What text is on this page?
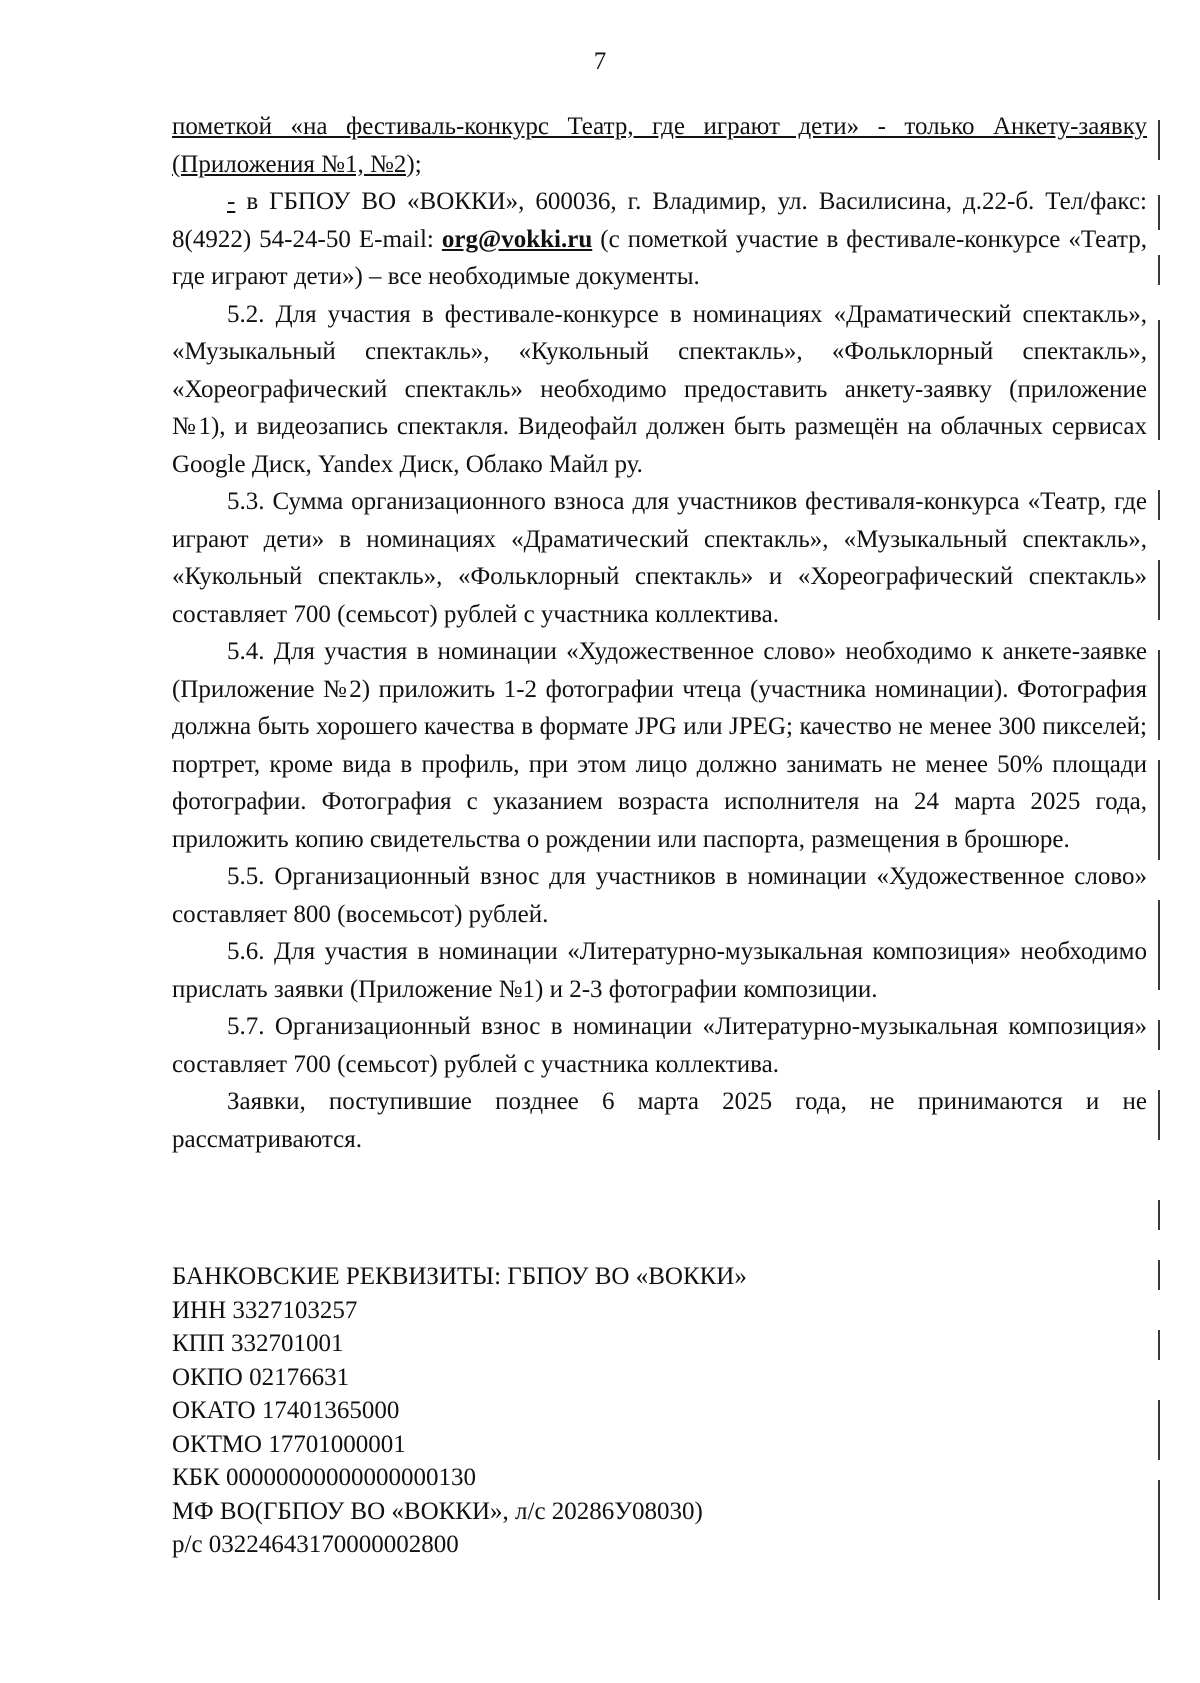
7

пометкой «на фестиваль-конкурс Театр, где играют дети» - только Анкету-заявку (Приложения №1, №2);

- в ГБПОУ ВО «ВОККИ», 600036, г. Владимир, ул. Василисина, д.22-б. Тел/факс: 8(4922) 54-24-50 E-mail: org@vokki.ru (с пометкой участие в фестивале-конкурсе «Театр, где играют дети») – все необходимые документы.

5.2. Для участия в фестивале-конкурсе в номинациях «Драматический спектакль», «Музыкальный спектакль», «Кукольный спектакль», «Фольклорный спектакль», «Хореографический спектакль» необходимо предоставить анкету-заявку (приложение №1), и видеозапись спектакля. Видеофайл должен быть размещён на облачных сервисах Google Диск, Yandex Диск, Облако Майл ру.

5.3. Сумма организационного взноса для участников фестиваля-конкурса «Театр, где играют дети» в номинациях «Драматический спектакль», «Музыкальный спектакль», «Кукольный спектакль», «Фольклорный спектакль» и «Хореографический спектакль» составляет 700 (семьсот) рублей с участника коллектива.

5.4. Для участия в номинации «Художественное слово» необходимо к анкете-заявке (Приложение №2) приложить 1-2 фотографии чтеца (участника номинации). Фотография должна быть хорошего качества в формате JPG или JPEG; качество не менее 300 пикселей; портрет, кроме вида в профиль, при этом лицо должно занимать не менее 50% площади фотографии. Фотография с указанием возраста исполнителя на 24 марта 2025 года, приложить копию свидетельства о рождении или паспорта, размещения в брошюре.

5.5. Организационный взнос для участников в номинации «Художественное слово» составляет 800 (восемьсот) рублей.

5.6. Для участия в номинации «Литературно-музыкальная композиция» необходимо прислать заявки (Приложение №1) и 2-3 фотографии композиции.

5.7. Организационный взнос в номинации «Литературно-музыкальная композиция» составляет 700 (семьсот) рублей с участника коллектива.

Заявки, поступившие позднее 6 марта 2025 года, не принимаются и не рассматриваются.

БАНКОВСКИЕ РЕКВИЗИТЫ: ГБПОУ ВО «ВОККИ»
ИНН 3327103257
КПП 332701001
ОКПО 02176631
ОКАТО 17401365000
ОКТМО 17701000001
КБК 00000000000000000130
МФ ВО(ГБПОУ ВО «ВОККИ», л/с 20286У08030)
р/с 03224643170000002800
